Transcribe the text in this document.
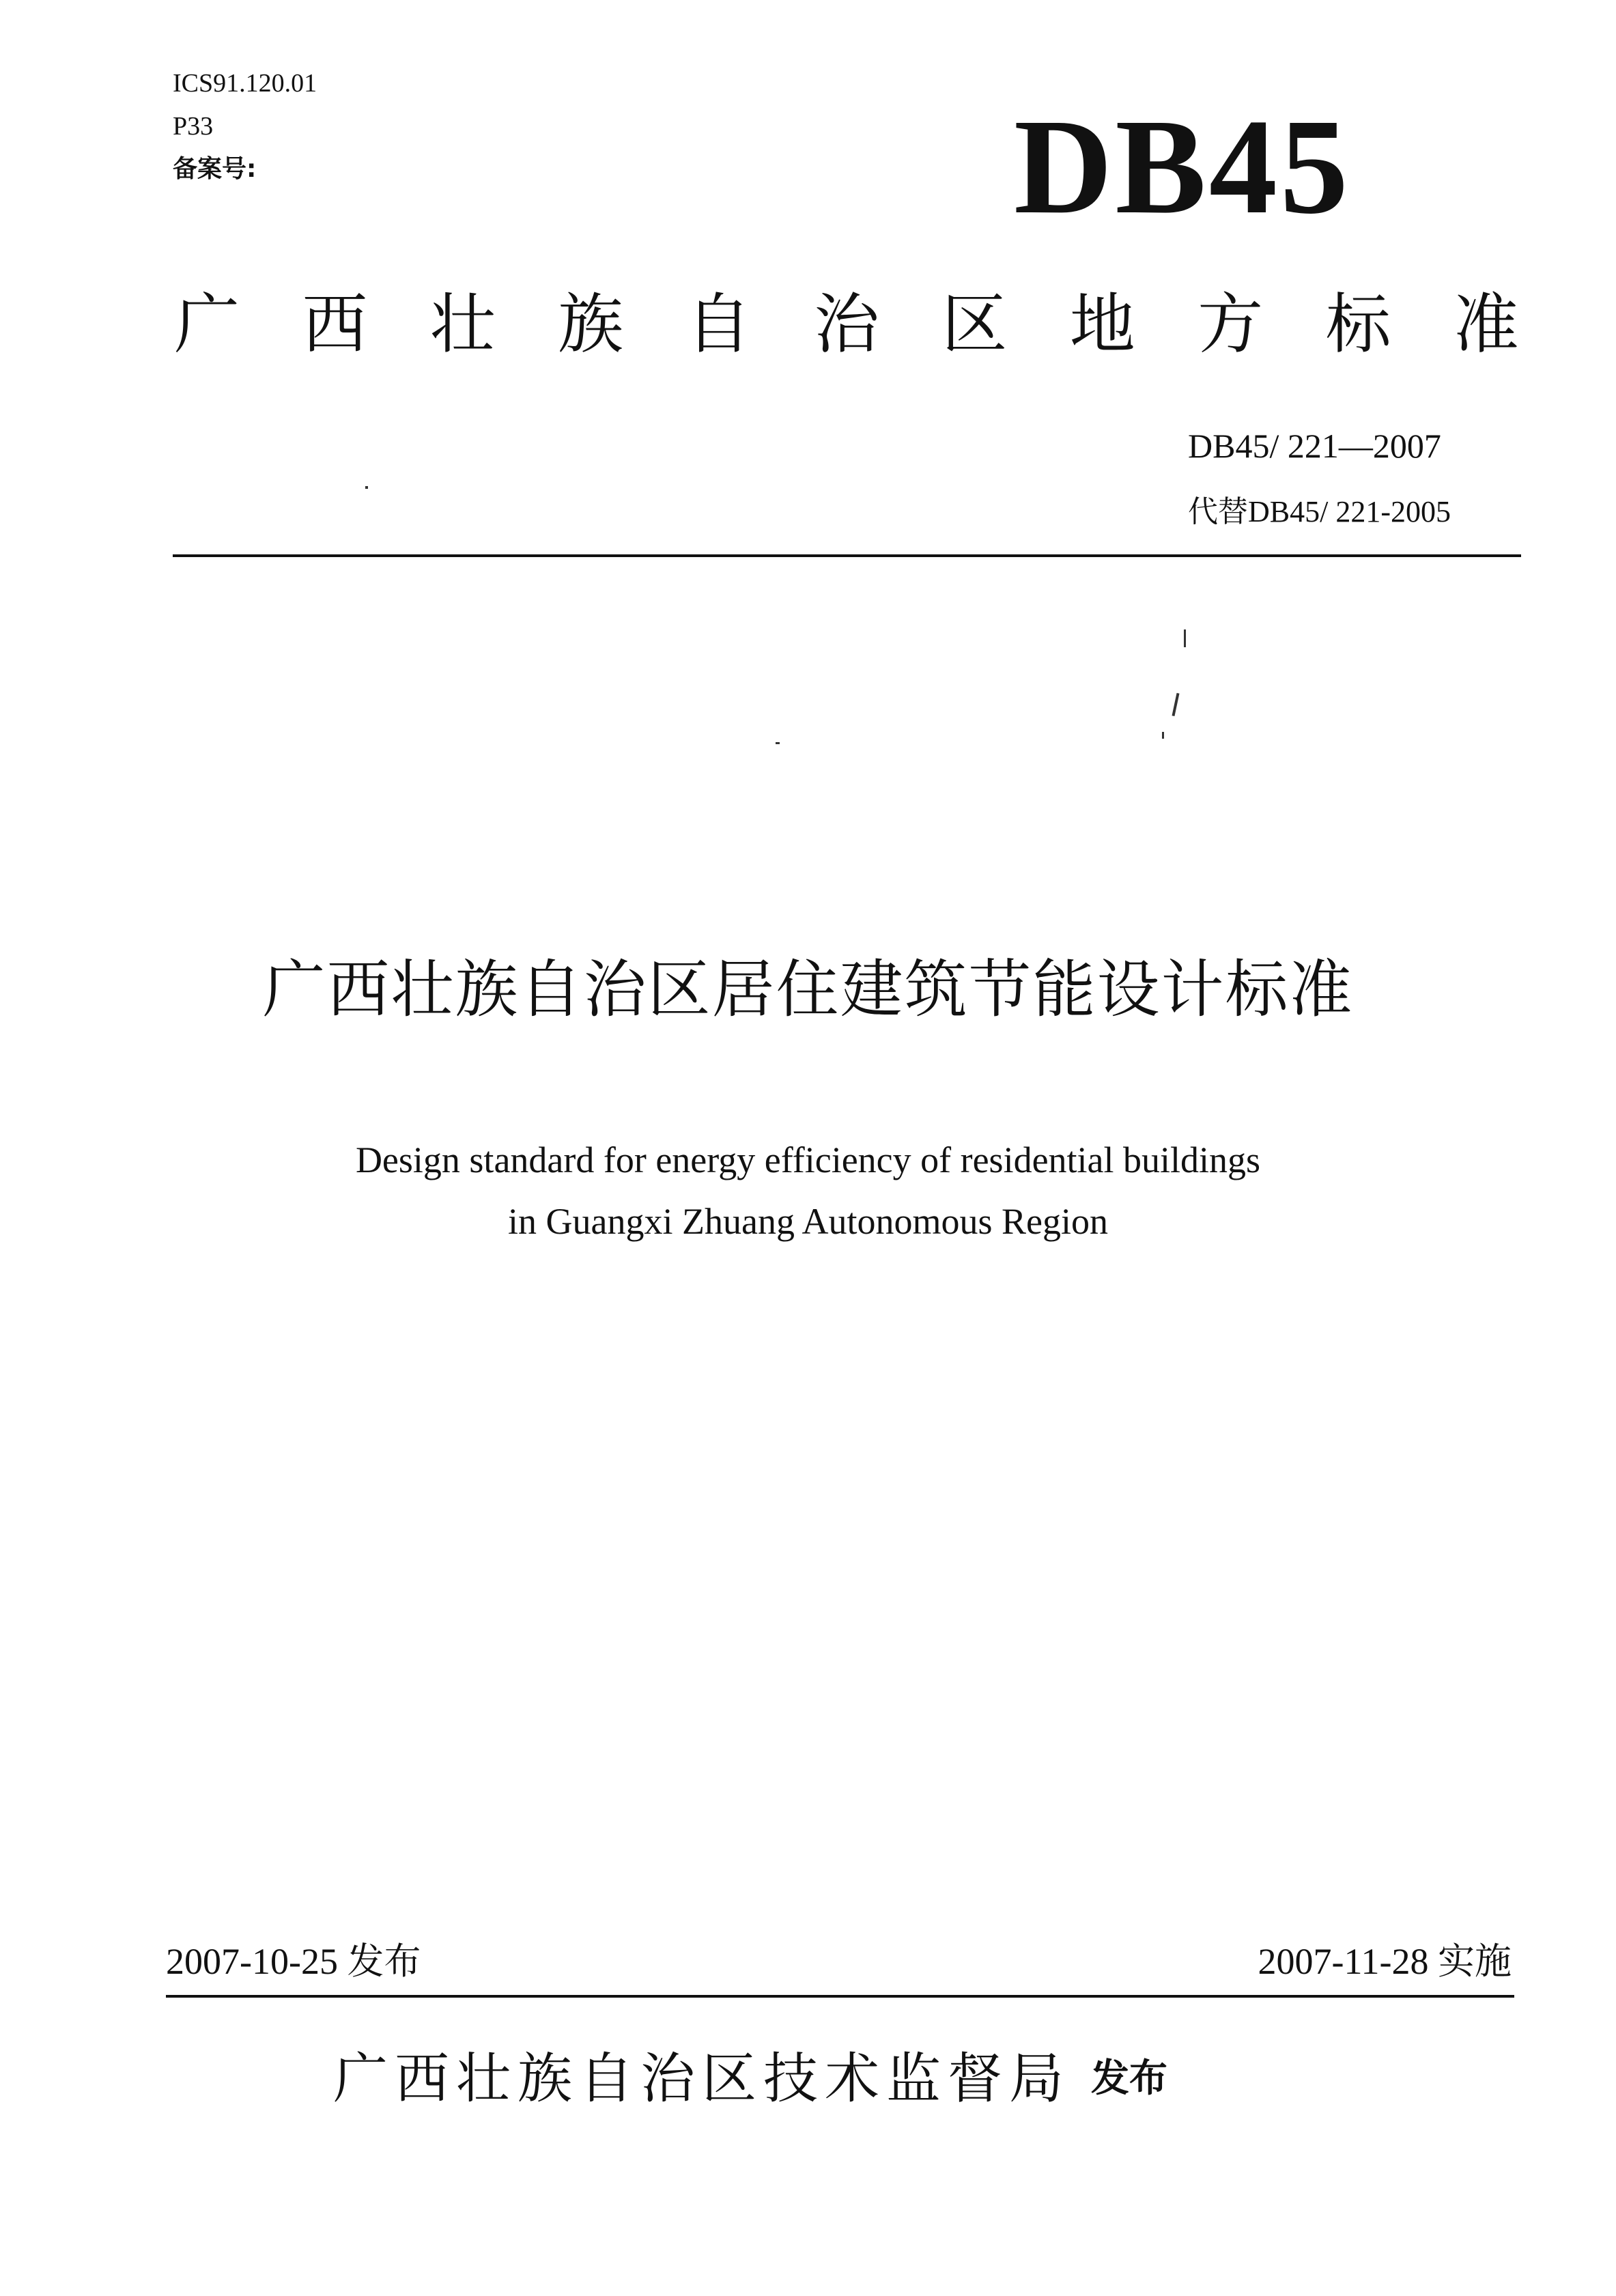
ICS91.120.01
P33
备案号:	DB45
广 西 壮 族 自 治 区 地 方 标 准
DB45/ 221—2007
代替DB45/ 221-2005
广西壮族自治区居住建筑节能设计标准
Design standard for energy efficiency of residential buildings
in Guangxi Zhuang Autonomous Region
2007-10-25 发布	2007-11-28 实施
广西壮族自治区技术监督局 发布
